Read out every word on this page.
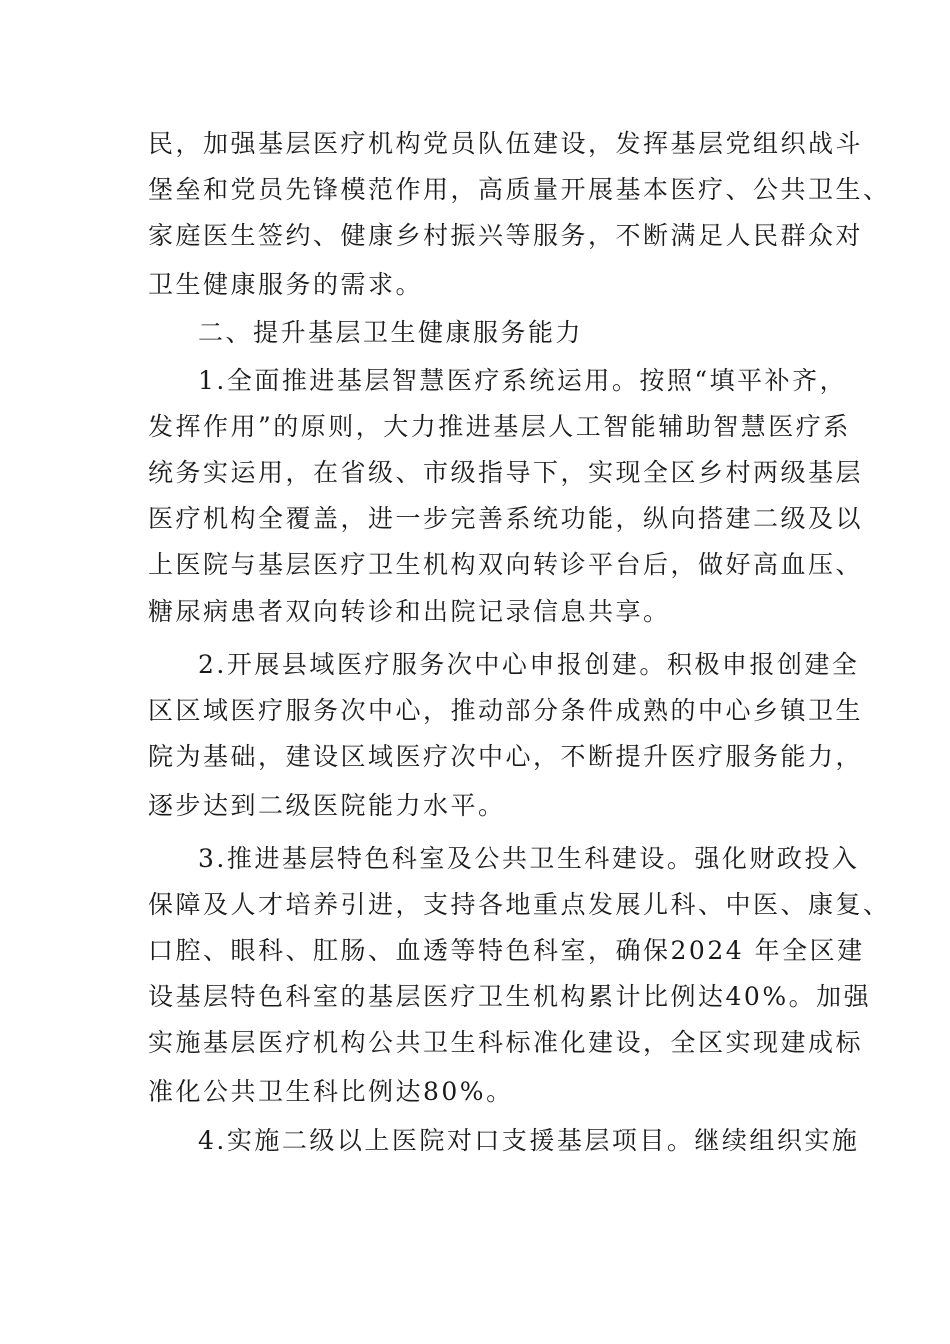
民，加强基层医疗机构党员队伍建设，发挥基层党组织战斗
堡垒和党员先锋模范作用，高质量开展基本医疗、公共卫生、
家庭医生签约、健康乡村振兴等服务，不断满足人民群众对
卫生健康服务的需求。
二、提升基层卫生健康服务能力
1.全面推进基层智慧医疗系统运用。按照“填平补齐，
发挥作用”的原则，大力推进基层人工智能辅助智慧医疗系
统务实运用，在省级、市级指导下，实现全区乡村两级基层
医疗机构全覆盖，进一步完善系统功能，纵向搭建二级及以
上医院与基层医疗卫生机构双向转诊平台后，做好高血压、
糖尿病患者双向转诊和出院记录信息共享。
2.开展县域医疗服务次中心申报创建。积极申报创建全
区区域医疗服务次中心，推动部分条件成熟的中心乡镇卫生
院为基础，建设区域医疗次中心，不断提升医疗服务能力，
逐步达到二级医院能力水平。
3.推进基层特色科室及公共卫生科建设。强化财政投入
保障及人才培养引进，支持各地重点发展儿科、中医、康复、
口腔、眼科、肛肠、血透等特色科室，确保2024 年全区建
设基层特色科室的基层医疗卫生机构累计比例达40%。加强
实施基层医疗机构公共卫生科标准化建设，全区实现建成标
准化公共卫生科比例达80%。
4.实施二级以上医院对口支援基层项目。继续组织实施
